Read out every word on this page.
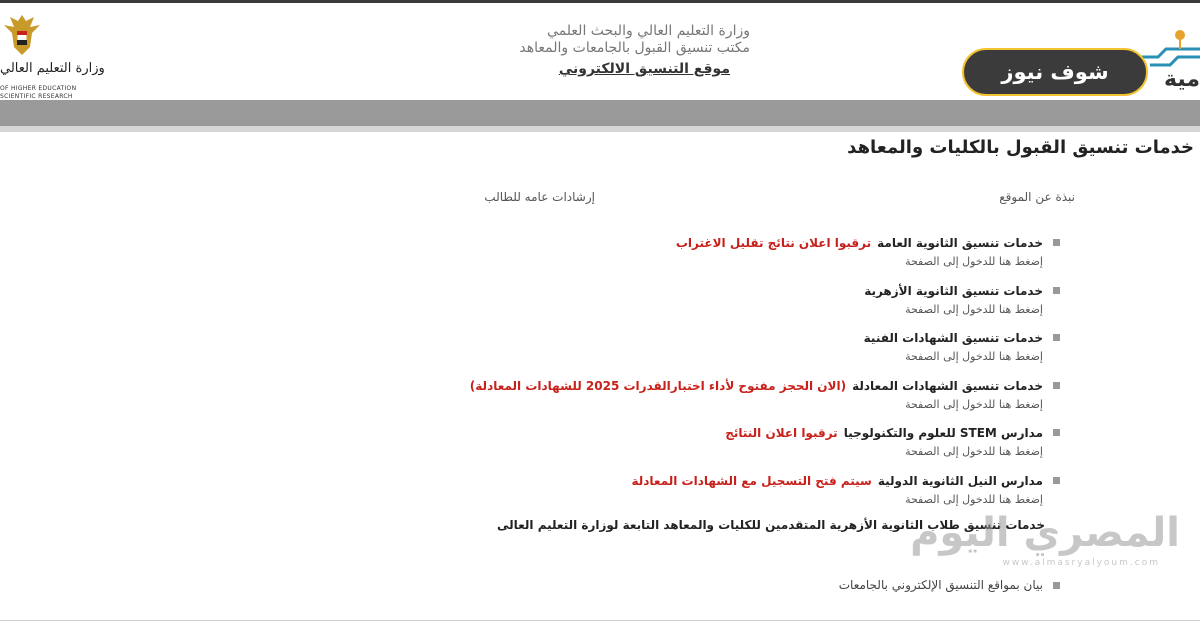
وزارة التعليم العالي
OF HIGHER EDUCATION
SCIENTIFIC RESEARCH
وزارة التعليم العالي والبحث العلمي
مكتب تنسيق القبول بالجامعات والمعاهد
موقع التنسيق الالكتروني	مية
شوف نيوز
خدمات تنسيق القبول بالكليات والمعاهد
نبذة عن الموقع
إرشادات عامه للطالب
خدمات تنسيق الثانوية العامةترقبوا اعلان نتائج تقليل الاغتراب
إضغط هنا للدخول إلى الصفحة
خدمات تنسيق الثانوية الأزهرية
إضغط هنا للدخول إلى الصفحة
خدمات تنسيق الشهادات الفنية
إضغط هنا للدخول إلى الصفحة
خدمات تنسيق الشهادات المعادلة(الان الحجز مفتوح لأداء اختبارالقدرات 2025 للشهادات المعادلة)
إضغط هنا للدخول إلى الصفحة
مدارس STEM للعلوم والتكنولوجياترقبوا اعلان النتائج
إضغط هنا للدخول إلى الصفحة
مدارس النيل الثانوية الدوليةسيتم فتح التسجيل مع الشهادات المعادلة
إضغط هنا للدخول إلى الصفحة
خدمات تنسيق طلاب الثانوية الأزهرية المتقدمين للكليات والمعاهد التابعة لوزارة التعليم العالى
المصري اليوم
www.almasryalyoum.com
بيان بمواقع التنسيق الإلكتروني بالجامعات
